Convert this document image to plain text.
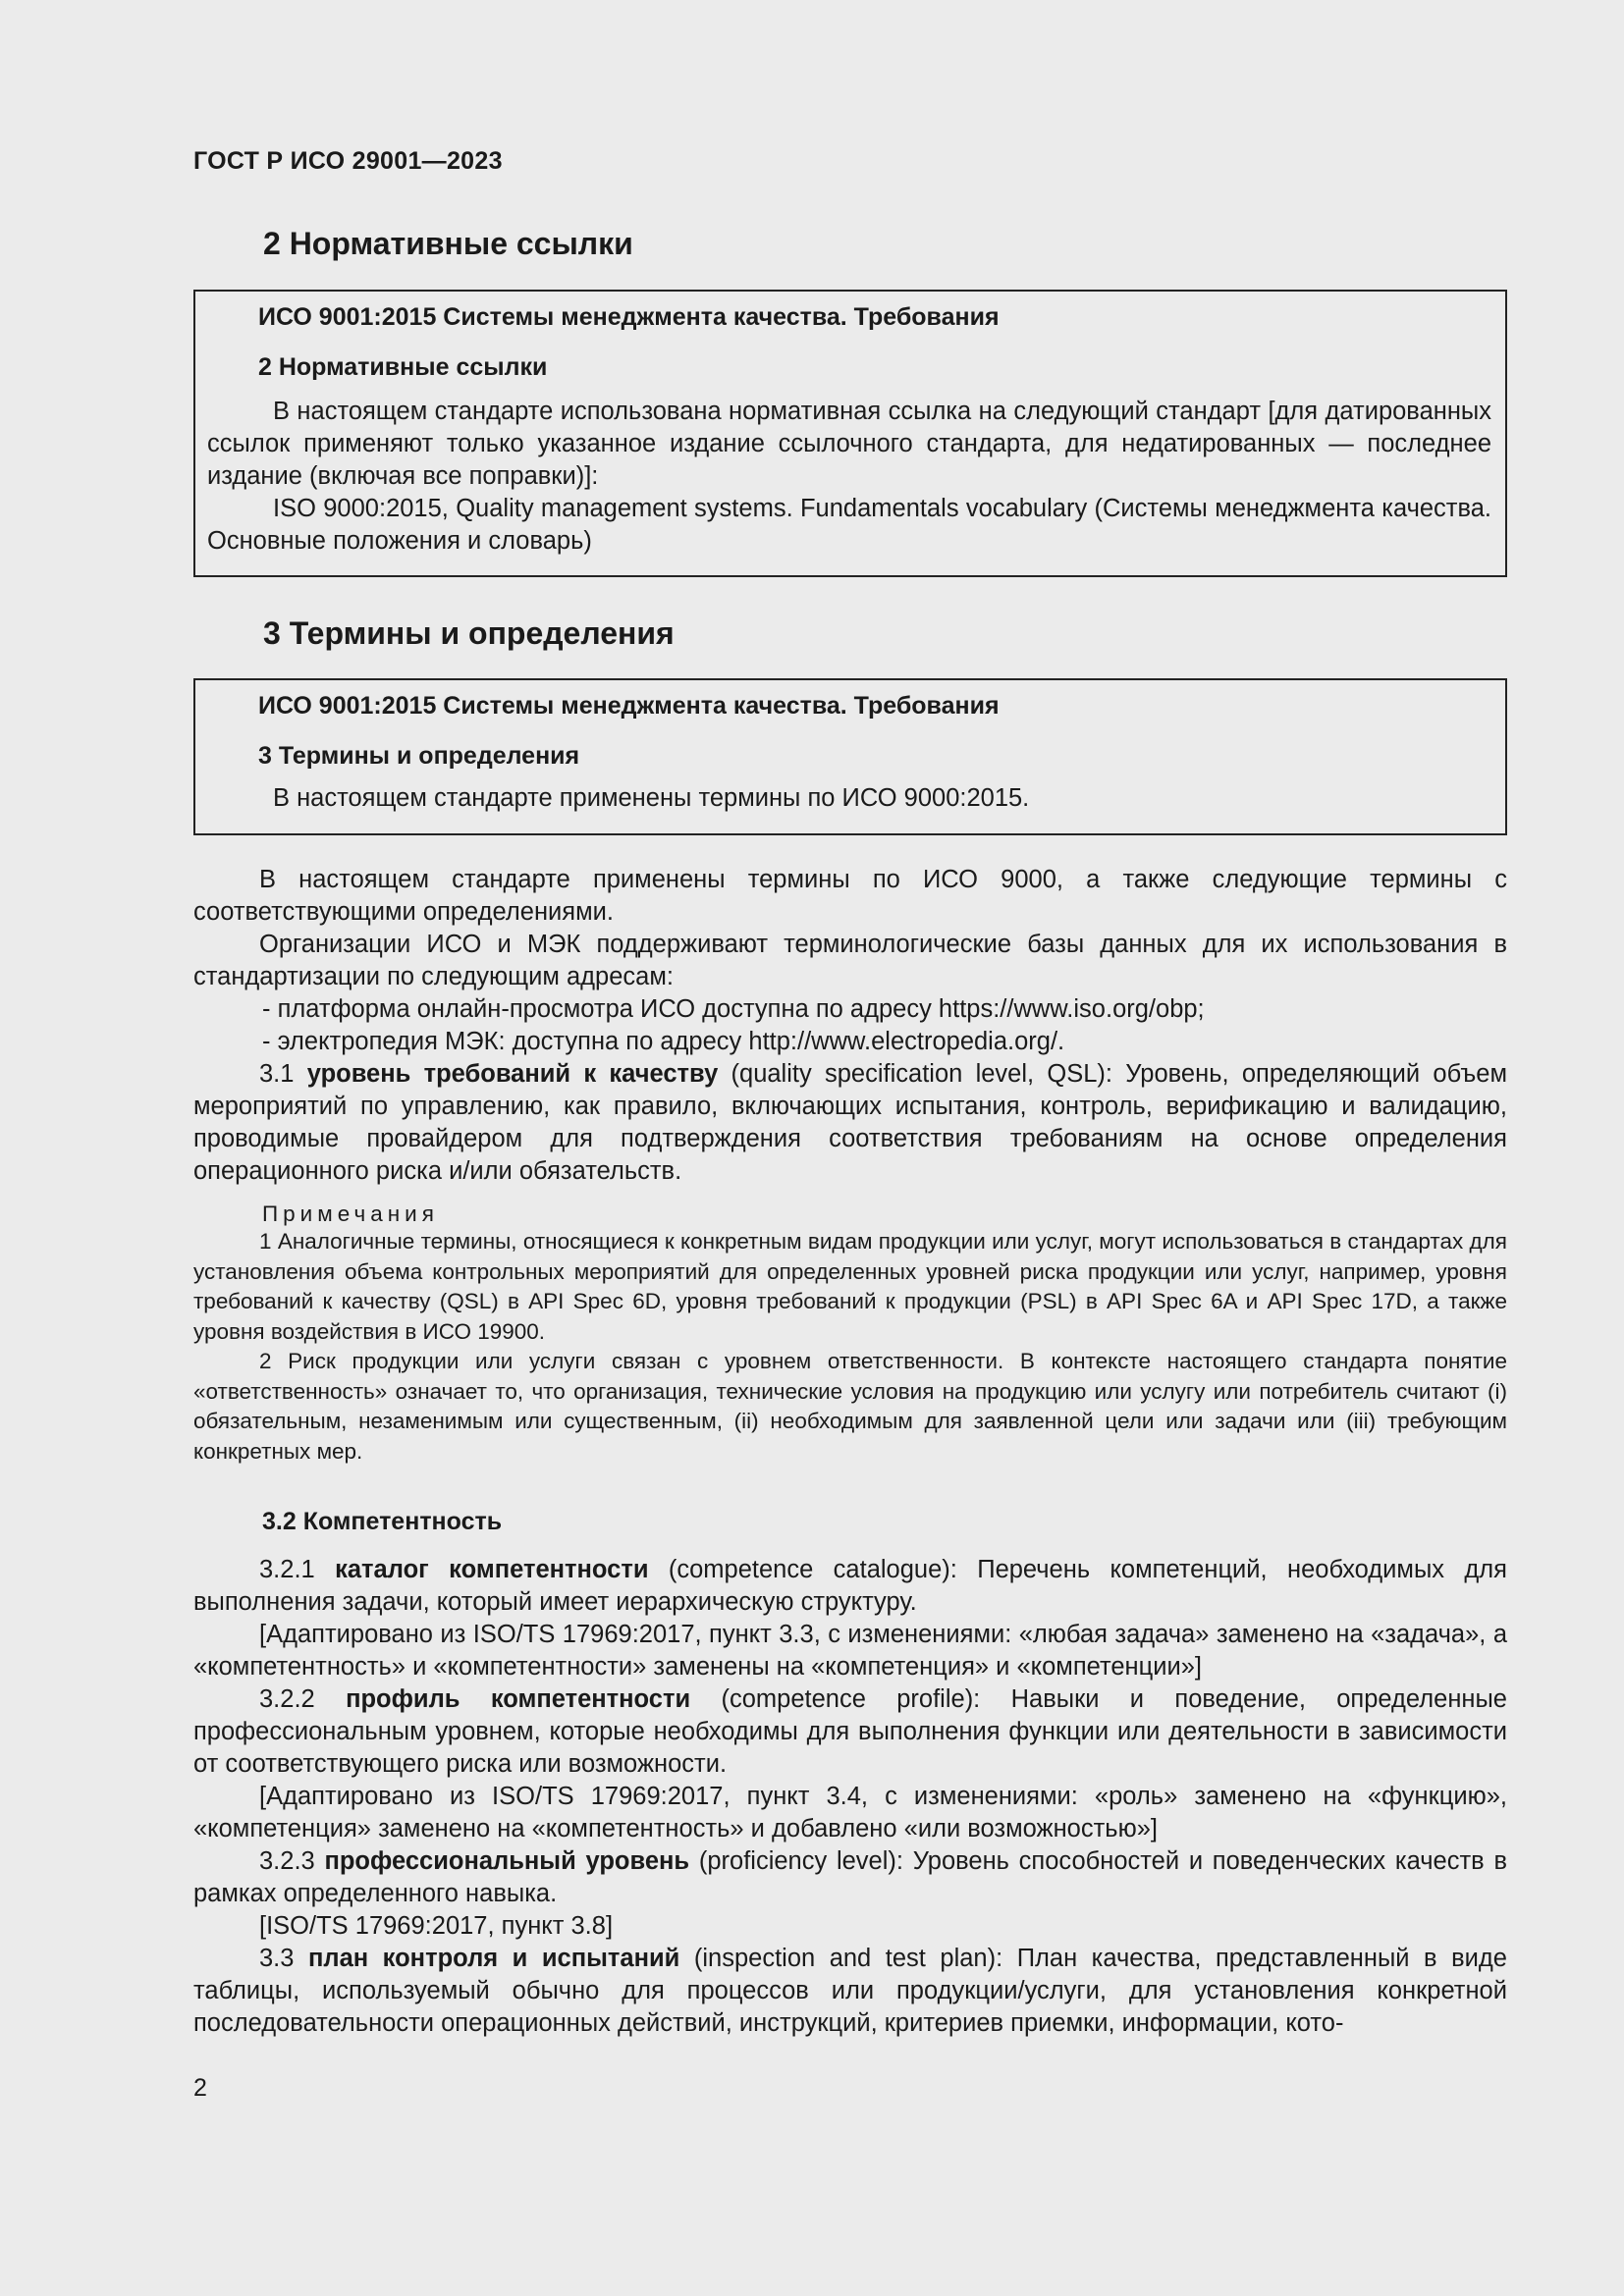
ГОСТ Р ИСО 29001—2023
2 Нормативные ссылки
ИСО 9001:2015 Системы менеджмента качества. Требования
2 Нормативные ссылки

В настоящем стандарте использована нормативная ссылка на следующий стандарт [для датированных ссылок применяют только указанное издание ссылочного стандарта, для недатированных — последнее издание (включая все поправки)]:

ISO 9000:2015, Quality management systems. Fundamentals vocabulary (Системы менеджмента качества. Основные положения и словарь)

3 Термины и определения
ИСО 9001:2015 Системы менеджмента качества. Требования
3 Термины и определения

В настоящем стандарте применены термины по ИСО 9000:2015.

В настоящем стандарте применены термины по ИСО 9000, а также следующие термины с соответствующими определениями.

Организации ИСО и МЭК поддерживают терминологические базы данных для их использования в стандартизации по следующим адресам:

- платформа онлайн-просмотра ИСО доступна по адресу https://www.iso.org/obp;

- электропедия МЭК: доступна по адресу http://www.electropedia.org/.

3.1 уровень требований к качеству (quality specification level, QSL): Уровень, определяющий объем мероприятий по управлению, как правило, включающих испытания, контроль, верификацию и валидацию, проводимые провайдером для подтверждения соответствия требованиям на основе определения операционного риска и/или обязательств.

Примечания

1 Аналогичные термины, относящиеся к конкретным видам продукции или услуг, могут использоваться в стандартах для установления объема контрольных мероприятий для определенных уровней риска продукции или услуг, например, уровня требований к качеству (QSL) в API Spec 6D, уровня требований к продукции (PSL) в API Spec 6A и API Spec 17D, а также уровня воздействия в ИСО 19900.

2 Риск продукции или услуги связан с уровнем ответственности. В контексте настоящего стандарта понятие «ответственность» означает то, что организация, технические условия на продукцию или услугу или потребитель считают (i) обязательным, незаменимым или существенным, (ii) необходимым для заявленной цели или задачи или (iii) требующим конкретных мер.

3.2 Компетентность

3.2.1 каталог компетентности (competence catalogue): Перечень компетенций, необходимых для выполнения задачи, который имеет иерархическую структуру.

[Адаптировано из ISO/TS 17969:2017, пункт 3.3, с изменениями: «любая задача» заменено на «задача», а «компетентность» и «компетентности» заменены на «компетенция» и «компетенции»]

3.2.2 профиль компетентности (competence profile): Навыки и поведение, определенные профессиональным уровнем, которые необходимы для выполнения функции или деятельности в зависимости от соответствующего риска или возможности.

[Адаптировано из ISO/TS 17969:2017, пункт 3.4, с изменениями: «роль» заменено на «функцию», «компетенция» заменено на «компетентность» и добавлено «или возможностью»]

3.2.3 профессиональный уровень (proficiency level): Уровень способностей и поведенческих качеств в рамках определенного навыка.

[ISO/TS 17969:2017, пункт 3.8]

3.3 план контроля и испытаний (inspection and test plan): План качества, представленный в виде таблицы, используемый обычно для процессов или продукции/услуги, для установления конкретной последовательности операционных действий, инструкций, критериев приемки, информации, кото-

2
